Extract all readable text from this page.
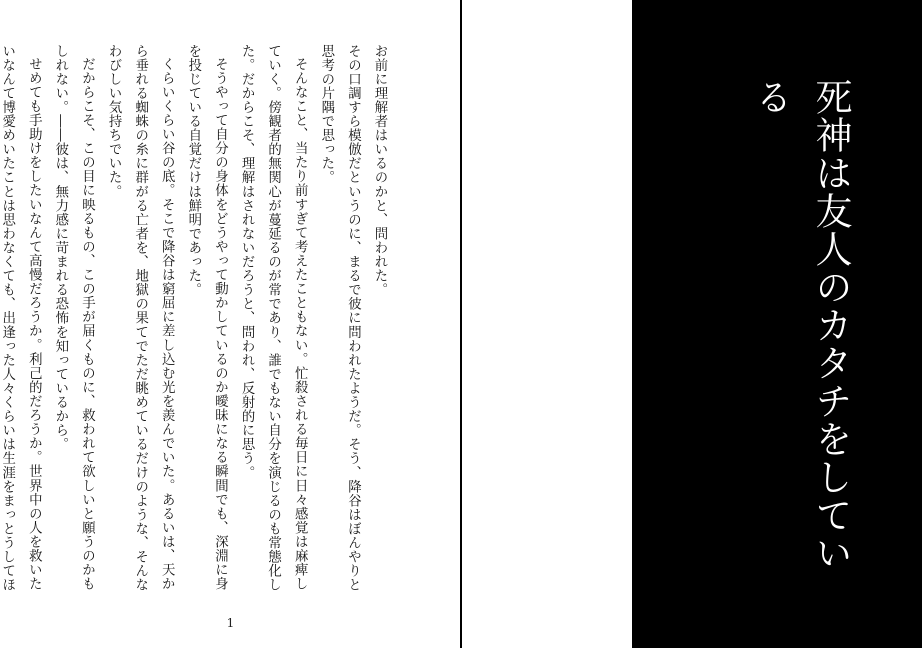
お前に理解者はいるのかと、問われた。

その口調すら模倣だというのに、まるで彼に問われたようだ。そう、降谷はぼんやりと思考の片隅で思った。

そんなこと、当たり前すぎて考えたこともない。忙殺される毎日に日々感覚は麻痺していく。傍観者的無関心が蔓延るのが常であり、誰でもない自分を演じるのも常態化した。だからこそ、理解はされないだろうと、問われ、反射的に思う。

そうやって自分の身体をどうやって動かしているのか曖昧になる瞬間でも、深淵に身を投じている自覚だけは鮮明であった。

くらいくらい谷の底。そこで降谷は窮屈に差し込む光を羨んでいた。あるいは、天から垂れる蜘蛛の糸に群がる亡者を、地獄の果てでただ眺めているだけのような、そんなわびしい気持ちでいた。

だからこそ、この目に映るもの、この手が届くものに、救われて欲しいと願うのかもしれない。――彼は、無力感に苛まれる恐怖を知っているから。

せめても手助けをしたいなんて高慢だろうか。利己的だろうか。世界中の人を救いたいなんて博愛めいたことは思わなくても、出逢った人々くらいは生涯をまっとうしてほ

1
死神は友人のカタチをしている
